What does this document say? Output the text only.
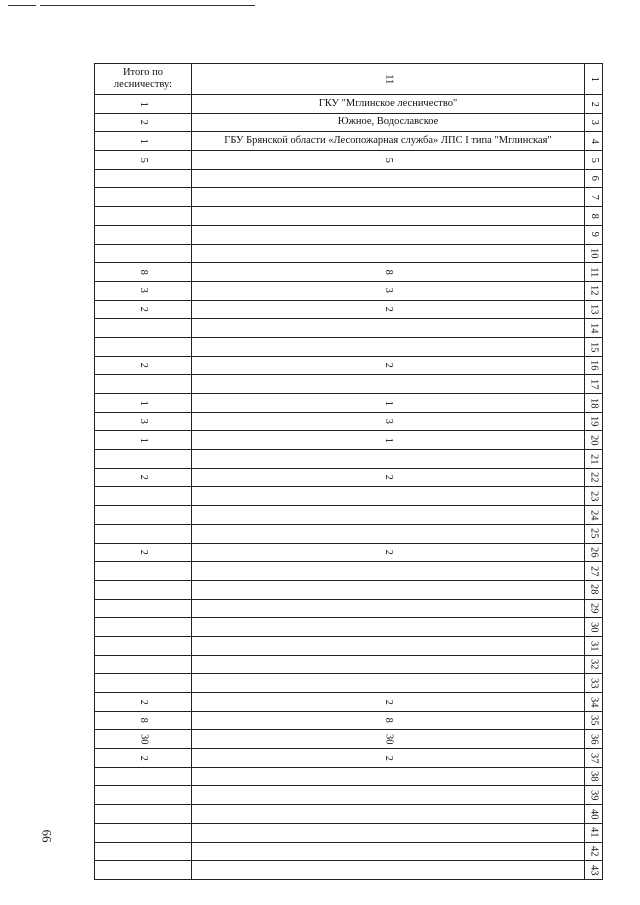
Итого по лесничеству:	11	1
1	ГКУ "Мглинское лесничество"	2
2	Южное, Водославское	3
1	ГБУ Брянской области «Лесопожарная служба» ЛПС I типа "Мглинская"	4
5	5	5
		6
		7
		8
		9
		10
8	8	11
3	3	12
2	2	13
		14
		15
2	2	16
		17
1	1	18
3	3	19
1	1	20
		21
2	2	22
		23
		24
		25
2	2	26
		27
		28
		29
		30
		31
		32
		33
2	2	34
8	8	35
30	30	36
2	2	37
		38
		39
		40
		41
		42
		43
66
